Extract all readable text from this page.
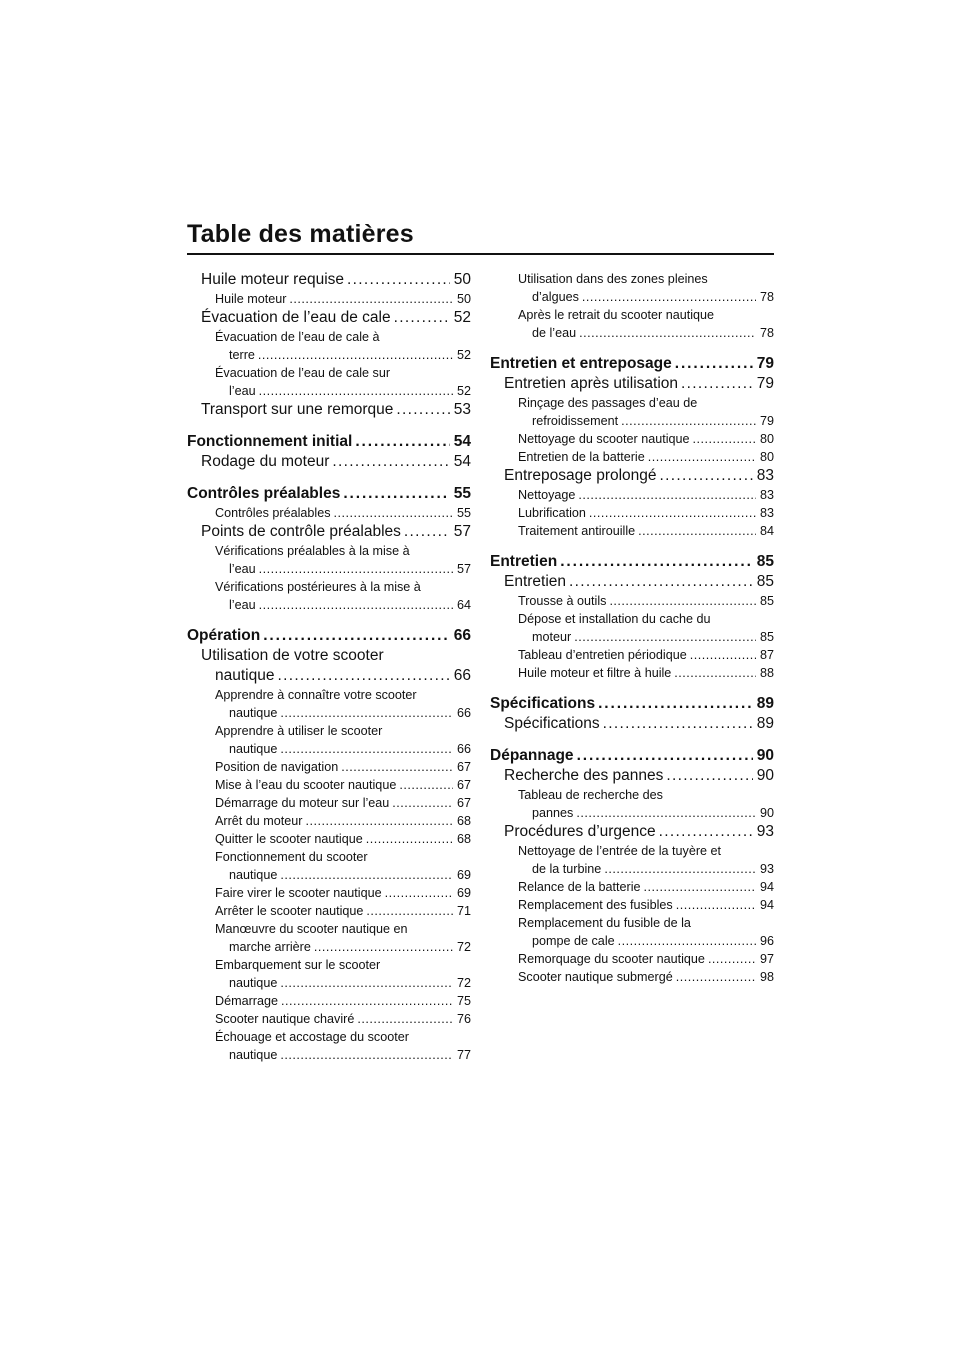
Table des matières
Huile moteur requise . . .	50
Huile moteur . . .	50
Évacuation de l’eau de cale . . .	52
Évacuation de l’eau de cale à
terre . . .	52
Évacuation de l’eau de cale sur
l’eau . . .	52
Transport sur une remorque . . .	53
Fonctionnement initial . . .	54
Rodage du moteur . . .	54
Contrôles préalables . . .	55
Contrôles préalables . . .	55
Points de contrôle préalables . . .	57
Vérifications préalables à la mise à
l’eau . . .	57
Vérifications postérieures à la mise à
l’eau . . .	64
Opération . . .	66
Utilisation de votre scooter
nautique . . .	66
Apprendre à connaître votre scooter
nautique . . .	66
Apprendre à utiliser le scooter
nautique . . .	66
Position de navigation . . .	67
Mise à l’eau du scooter nautique . . .	67
Démarrage du moteur sur l’eau . . .	67
Arrêt du moteur . . .	68
Quitter le scooter nautique . . .	68
Fonctionnement du scooter
nautique . . .	69
Faire virer le scooter nautique . . .	69
Arrêter le scooter nautique . . .	71
Manœuvre du scooter nautique en
marche arrière . . .	72
Embarquement sur le scooter
nautique . . .	72
Démarrage . . .	75
Scooter nautique chaviré . . .	76
Échouage et accostage du scooter
nautique . . .	77
Utilisation dans des zones pleines
d’algues . . .	78
Après le retrait du scooter nautique
de l’eau . . .	78
Entretien et entreposage . . .	79
Entretien après utilisation . . .	79
Rinçage des passages d’eau de
refroidissement . . .	79
Nettoyage du scooter nautique . . .	80
Entretien de la batterie . . .	80
Entreposage prolongé . . .	83
Nettoyage . . .	83
Lubrification . . .	83
Traitement antirouille . . .	84
Entretien . . .	85
Entretien . . .	85
Trousse à outils . . .	85
Dépose et installation du cache du
moteur . . .	85
Tableau d’entretien périodique . . .	87
Huile moteur et filtre à huile . . .	88
Spécifications . . .	89
Spécifications . . .	89
Dépannage . . .	90
Recherche des pannes . . .	90
Tableau de recherche des
pannes . . .	90
Procédures d’urgence . . .	93
Nettoyage de l’entrée de la tuyère et
de la turbine . . .	93
Relance de la batterie . . .	94
Remplacement des fusibles . . .	94
Remplacement du fusible de la
pompe de cale . . .	96
Remorquage du scooter nautique . . .	97
Scooter nautique submergé . . .	98
